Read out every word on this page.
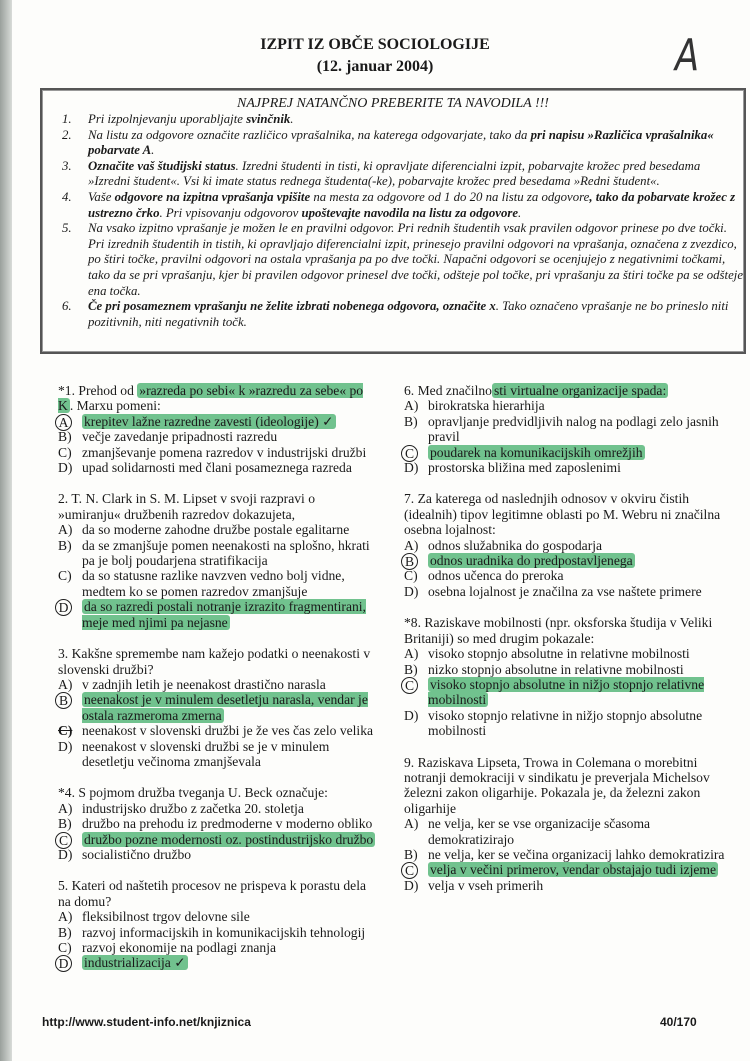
IZPIT IZ OBČE SOCIOLOGIJE
(12. januar 2004)	A
NAJPREJ NATANČNO PREBERITE TA NAVODILA !!!
1. Pri izpolnjevanju uporabljajte svinčnik.
2. Na listu za odgovore označite različico vprašalnika, na katerega odgovarjate, tako da pri napisu »Različica vprašalnika« pobarvate A.
3. Označite vaš študijski status. Izredni študenti in tisti, ki opravljate diferencialni izpit, pobarvajte krožec pred besedama »Izredni študent«. Vsi ki imate status rednega študenta(-ke), pobarvajte krožec pred besedama »Redni študent«.
4. Vaše odgovore na izpitna vprašanja vpišite na mesta za odgovore od 1 do 20 na listu za odgovore, tako da pobarvate krožec z ustrezno črko. Pri vpisovanju odgovorov upoštevajte navodila na listu za odgovore.
5. Na vsako izpitno vprašanje je možen le en pravilni odgovor. Pri rednih študentih vsak pravilen odgovor prinese po dve točki. Pri izrednih študentih in tistih, ki opravljajo diferencialni izpit, prinesejo pravilni odgovori na vprašanja, označena z zvezdico, po štiri točke, pravilni odgovori na ostala vprašanja pa po dve točki. Napačni odgovori se ocenjujejo z negativnimi točkami, tako da se pri vprašanju, kjer bi pravilen odgovor prinesel dve točki, odšteje pol točke, pri vprašanju za štiri točke pa se odšteje ena točka.
6. Če pri posameznem vprašanju ne želite izbrati nobenega odgovora, označite x. Tako označeno vprašanje ne bo prineslo niti pozitivnih, niti negativnih točk.
*1. Prehod od »razreda po sebi« k »razredu za sebe« po K . Marxu pomeni:
A krepitev lažne razredne zavesti (ideologije) ✓
B) večje zavedanje pripadnosti razredu
C) zmanjševanje pomena razredov v industrijski družbi
D) upad solidarnosti med člani posameznega razreda
2. T. N. Clark in S. M. Lipset v svoji razpravi o »umiranju« družbenih razredov dokazujeta,
A) da so moderne zahodne družbe postale egalitarne
B) da se zmanjšuje pomen neenakosti na splošno, hkrati pa je bolj poudarjena stratifikacija
C) da so statusne razlike navzven vedno bolj vidne, medtem ko se pomen razredov zmanjšuje
D da so razredi postali notranje izrazito fragmentirani, meje med njimi pa nejasne
3. Kakšne spremembe nam kažejo podatki o neenakosti v slovenski družbi?
A) v zadnjih letih je neenakost drastično narasla
B neenakost je v minulem desetletju narasla, vendar je ostala razmeroma zmerna
C) neenakost v slovenski družbi je že ves čas zelo velika
D) neenakost v slovenski družbi se je v minulem desetletju večinoma zmanjševala
*4. S pojmom družba tveganja U. Beck označuje:
A) industrijsko družbo z začetka 20. stoletja
B) družbo na prehodu iz predmoderne v moderno obliko
C družbo pozne modernosti oz. postindustrijsko družbo
D) socialistično družbo
5. Kateri od naštetih procesov ne prispeva k porastu dela na domu?
A) fleksibilnost trgov delovne sile
B) razvoj informacijskih in komunikacijskih tehnologij
C) razvoj ekonomije na podlagi znanja
D industrializacija ✓
6. Med značilno sti virtualne organizacije spada:
A) birokratska hierarhija
B) opravljanje predvidljivih nalog na podlagi zelo jasnih pravil
C poudarek na komunikacijskih omrežjih
D) prostorska bližina med zaposlenimi
7. Za katerega od naslednjih odnosov v okviru čistih (idealnih) tipov legitimne oblasti po M. Webru ni značilna osebna lojalnost:
A) odnos služabnika do gospodarja
B odnos uradnika do predpostavljenega
C) odnos učenca do preroka
D) osebna lojalnost je značilna za vse naštete primere
*8. Raziskave mobilnosti (npr. oksforska študija v Veliki Britaniji) so med drugim pokazale:
A) visoko stopnjo absolutne in relativne mobilnosti
B) nizko stopnjo absolutne in relativne mobilnosti
C visoko stopnjo absolutne in nižjo stopnjo relativne mobilnosti
D) visoko stopnjo relativne in nižjo stopnjo absolutne mobilnosti
9. Raziskava Lipseta, Trowa in Colemana o morebitni notranji demokraciji v sindikatu je preverjala Michelsov železni zakon oligarhije. Pokazala je, da železni zakon oligarhije
A) ne velja, ker se vse organizacije sčasoma demokratizirajo
B) ne velja, ker se večina organizacij lahko demokratizira
C velja v večini primerov, vendar obstajajo tudi izjeme
D) velja v vseh primerih
http://www.student-info.net/knjiznica	40/170
